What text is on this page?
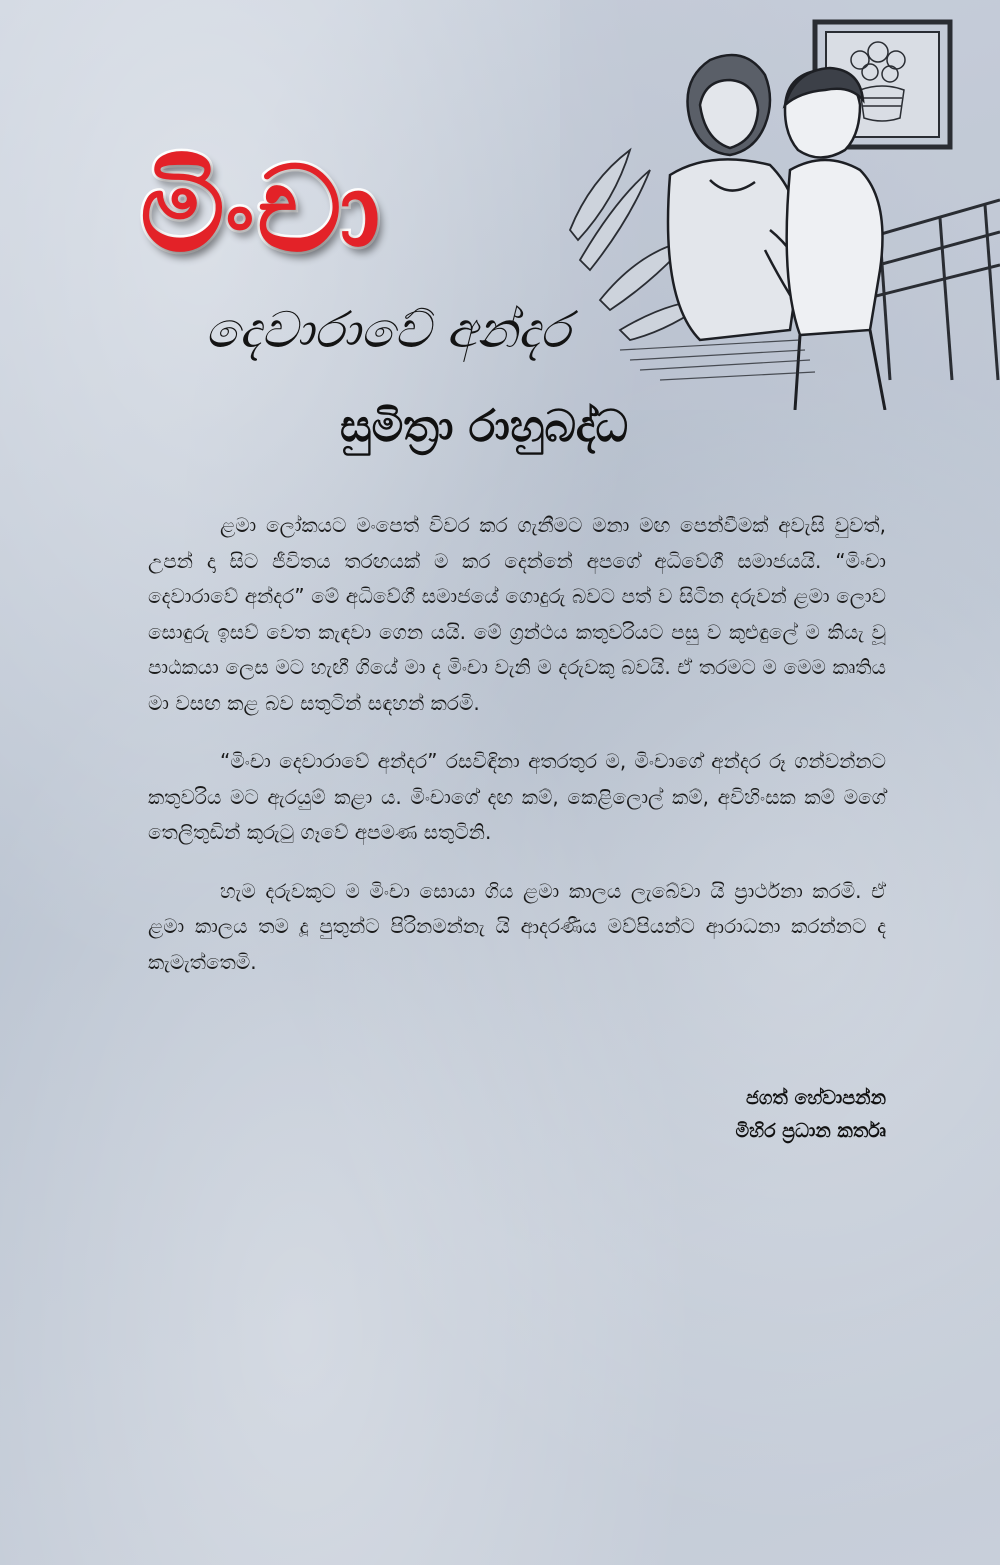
මිංචා
දෙවාරාවේ අන්දර
සුමිත්‍රා රාහුබද්ධ

ළමා ලෝකයට මංපෙත් විවර කර ගැනීමට මනා මඟ පෙන්වීමක් අවැසි වුවත්, උපන් දා සිට ජීවිතය තරඟයක් ම කර දෙන්නේ අපගේ අධිවේගී සමාජයයි. “මිංචා දෙවාරාවේ අන්දර” මේ අධිවේගී සමාජයේ ගොදුරු බවට පත් ව සිටින දරුවන් ළමා ලොව සොඳුරු ඉසව් වෙත කැඳවා ගෙන යයි. මේ ග්‍රන්ථය කතුවරියට පසු ව කුළුඳුලේ ම කියැ වූ පාඨකයා ලෙස මට හැඟී ගියේ මා ද මිංචා වැනි ම දරුවකු බවයි. ඒ තරමට ම මෙම කෘතිය මා වසඟ කළ බව සතුටින් සඳහන් කරමි.

“මිංචා දෙවාරාවේ අන්දර” රසවිඳිනා අතරතුර ම, මිංචාගේ අන්දර රූ ගන්වන්නට කතුවරිය මට ඇරයුම් කළා ය. මිංචාගේ දඟ කම්, කෙළිලොල් කම්, අවිහිංසක කම් මගේ තෙලිතුඩින් කුරුටු ගෑවේ අපමණ සතුටිනි.

හැම දරුවකුට ම මිංචා සොයා ගිය ළමා කාලය ලැබේවා යි ප්‍රාර්ථනා කරමි. ඒ ළමා කාලය තම දූ පුතුන්ට පිරිනමන්නැ යි ආදරණීය මව්පියන්ට ආරාධනා කරන්නට ද කැමැත්තෙමි.

ජගත් හේවාපන්න
මිහිර ප්‍රධාන කර්තෘ
